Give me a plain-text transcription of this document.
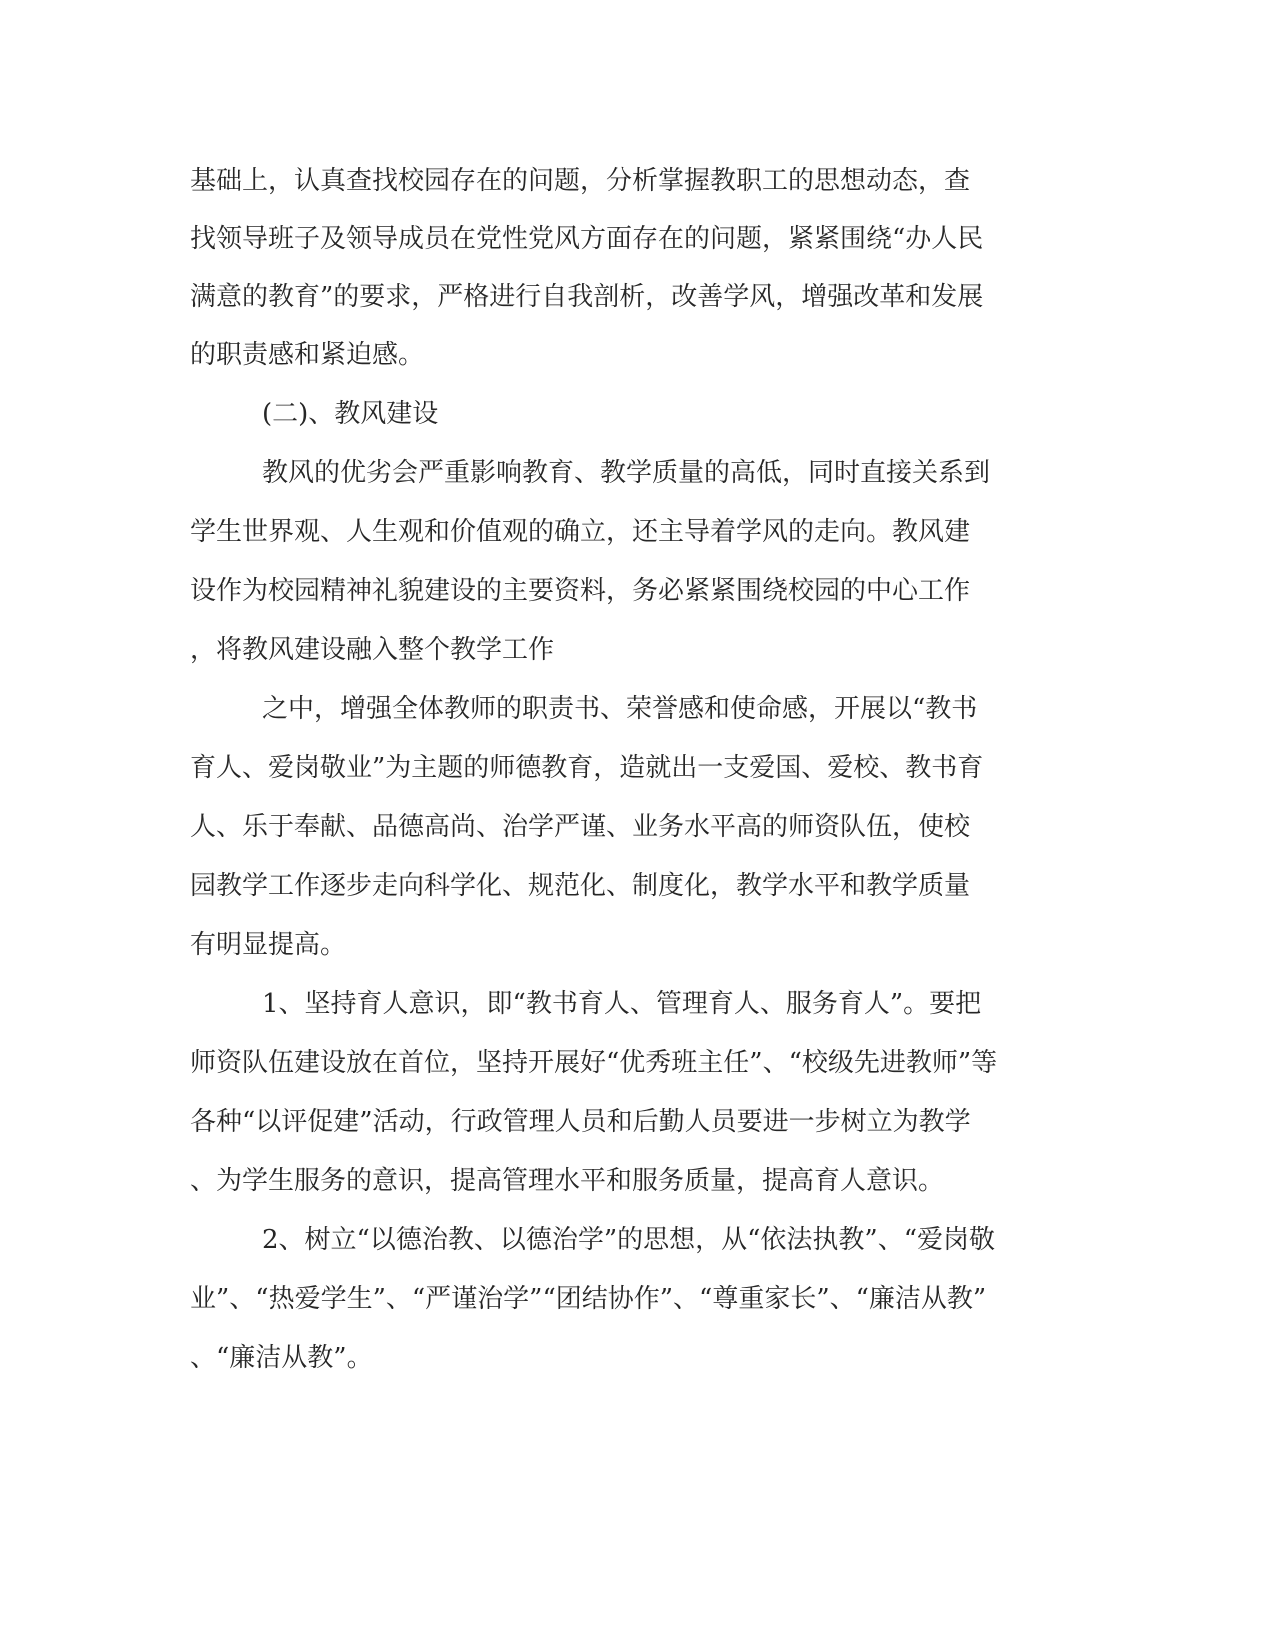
基础上，认真查找校园存在的问题，分析掌握教职工的思想动态，查
找领导班子及领导成员在党性党风方面存在的问题，紧紧围绕“办人民
满意的教育”的要求，严格进行自我剖析，改善学风，增强改革和发展
的职责感和紧迫感。
(二)、教风建设
教风的优劣会严重影响教育、教学质量的高低，同时直接关系到
学生世界观、人生观和价值观的确立，还主导着学风的走向。教风建
设作为校园精神礼貌建设的主要资料，务必紧紧围绕校园的中心工作
，将教风建设融入整个教学工作
之中，增强全体教师的职责书、荣誉感和使命感，开展以“教书
育人、爱岗敬业”为主题的师德教育，造就出一支爱国、爱校、教书育
人、乐于奉献、品德高尚、治学严谨、业务水平高的师资队伍，使校
园教学工作逐步走向科学化、规范化、制度化，教学水平和教学质量
有明显提高。
1、坚持育人意识，即“教书育人、管理育人、服务育人”。要把
师资队伍建设放在首位，坚持开展好“优秀班主任”、“校级先进教师”等
各种“以评促建”活动，行政管理人员和后勤人员要进一步树立为教学
、为学生服务的意识，提高管理水平和服务质量，提高育人意识。
2、树立“以德治教、以德治学”的思想，从“依法执教”、“爱岗敬
业”、“热爱学生”、“严谨治学”“团结协作”、“尊重家长”、“廉洁从教”
、“廉洁从教”。
